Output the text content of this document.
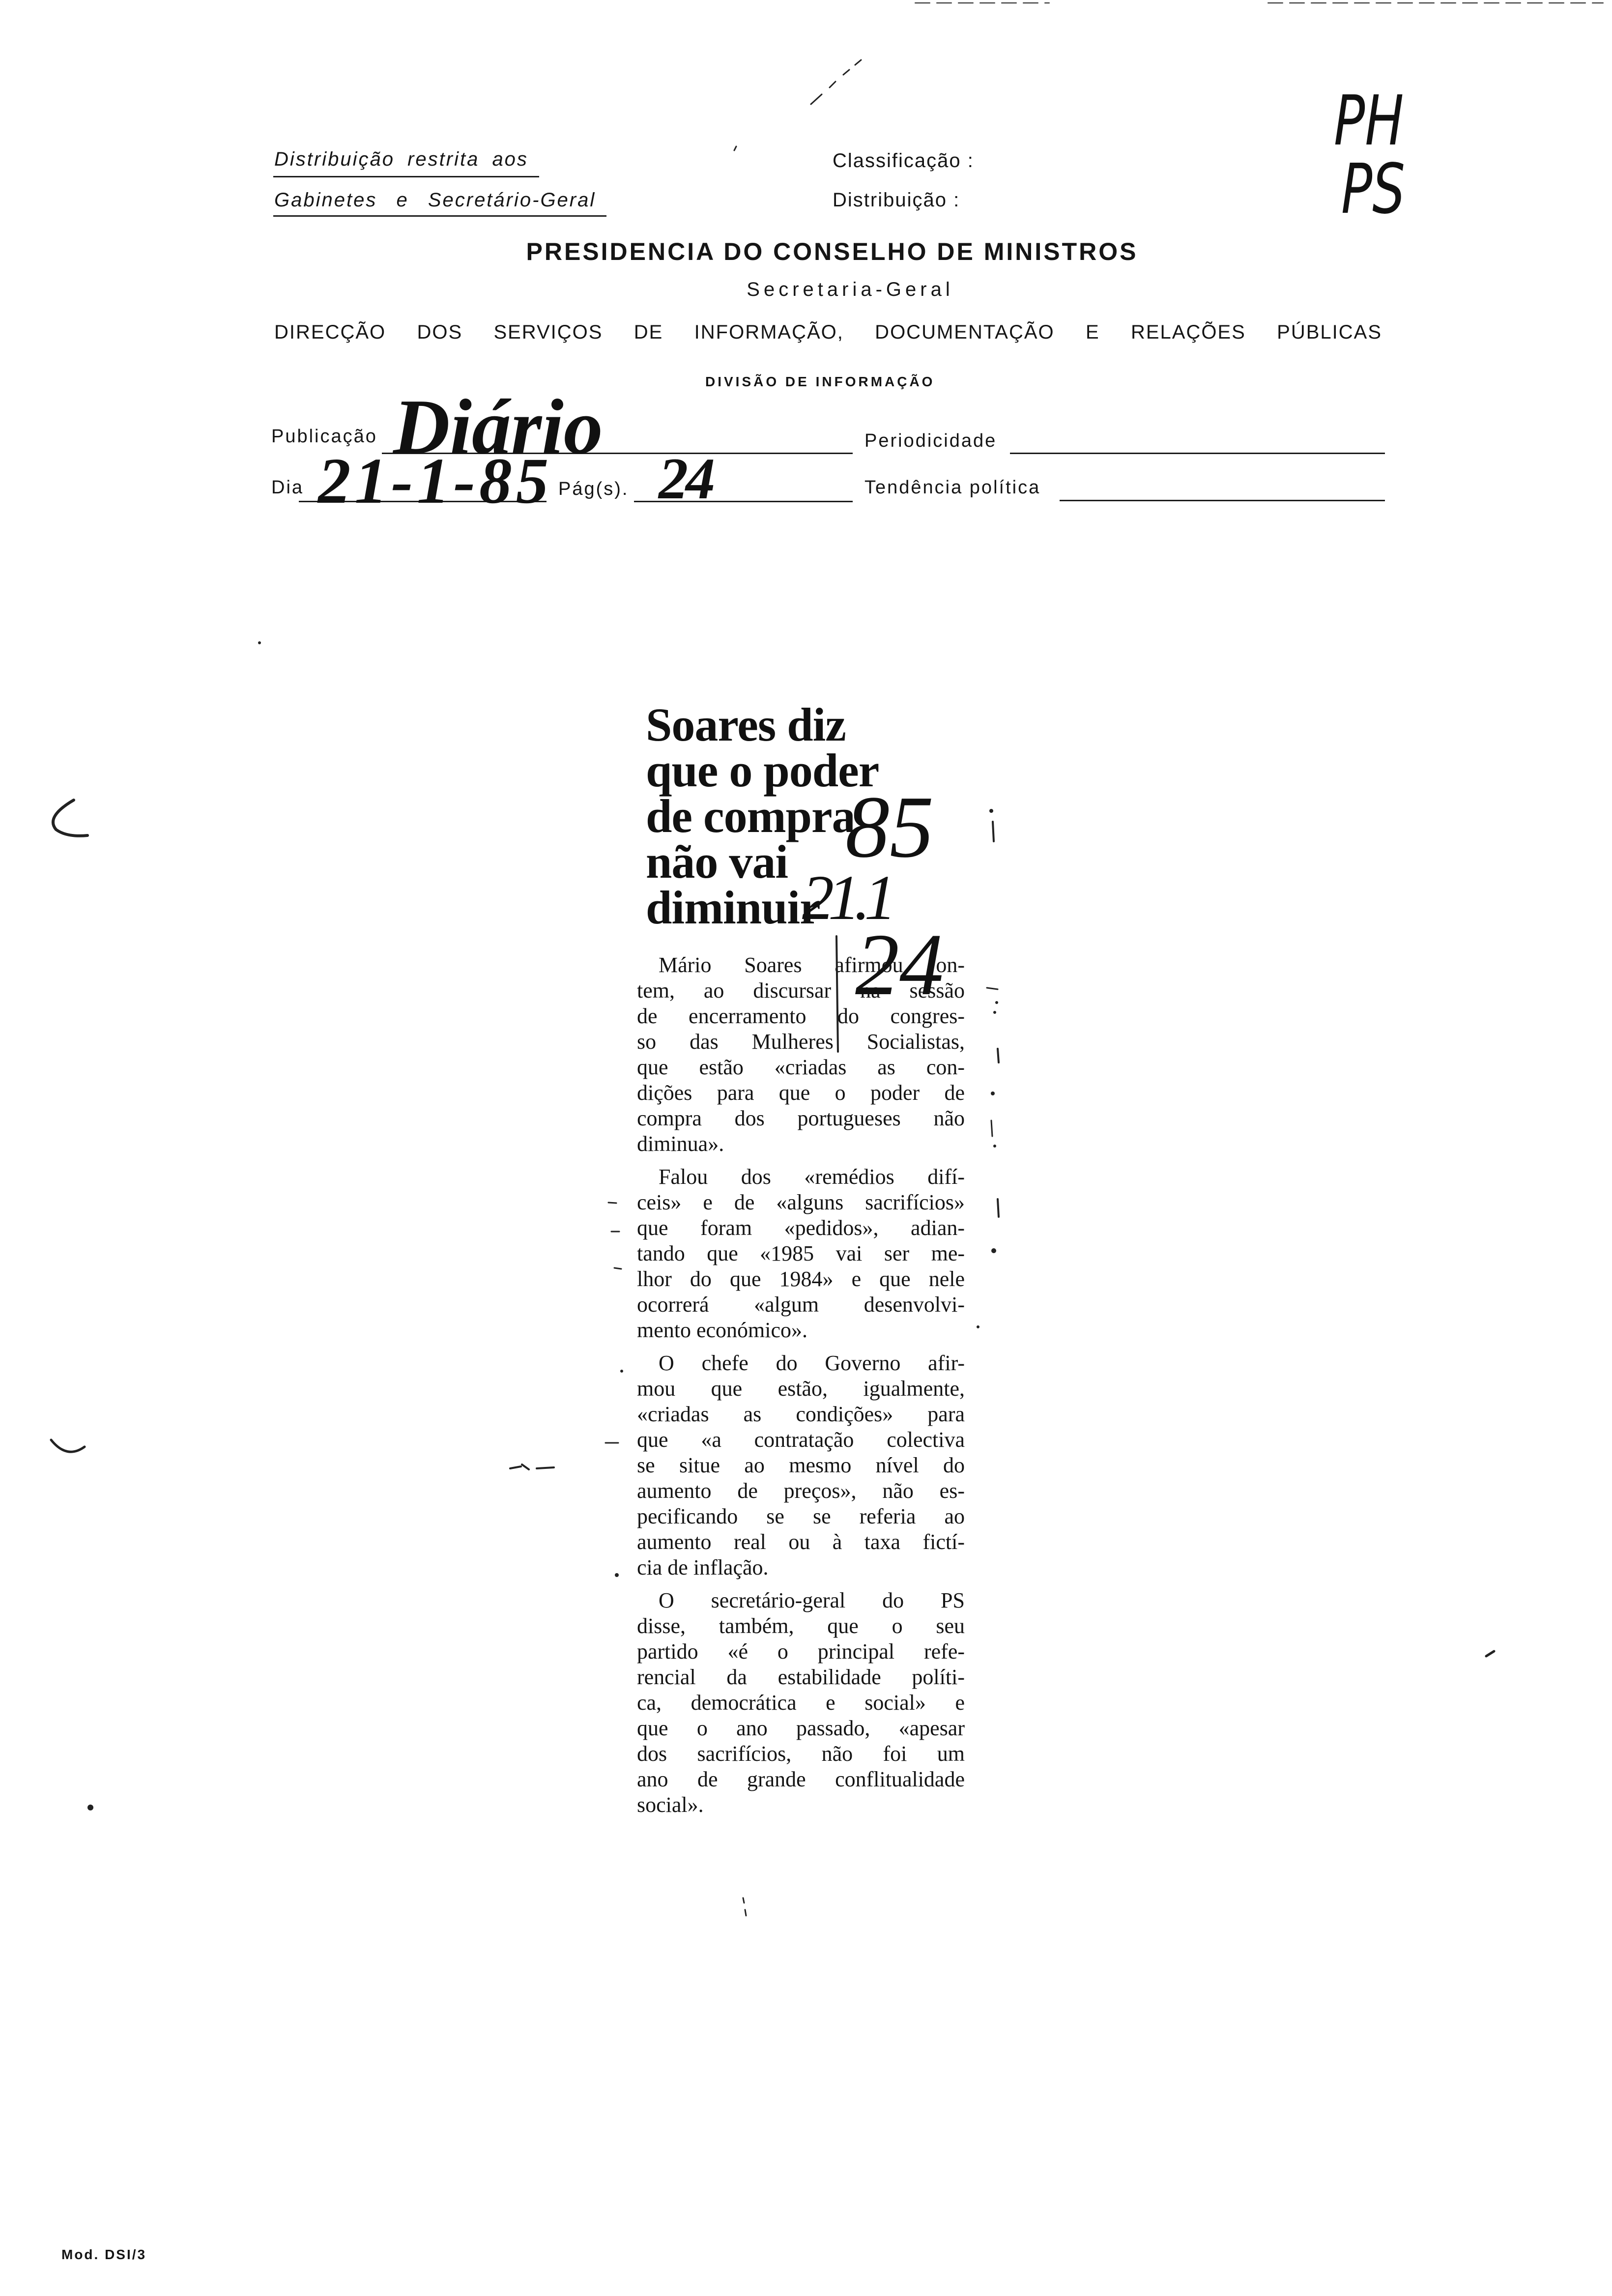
Distribuição restrita aos
Gabinetes e Secretário-Geral
Classificação :
Distribuição :
PH
PS
PRESIDENCIA DO CONSELHO DE MINISTROS
Secretaria-Geral
DIRECÇÃO DOS SERVIÇOS DE INFORMAÇÃO, DOCUMENTAÇÃO E RELAÇÕES PÚBLICAS
DIVISÃO DE INFORMAÇÃO
Publicação Diário	Periodicidade
Dia 21-1-85 Pág(s). 24	Tendência política
Soares diz
que o poder
de compra
não vai
diminuir
Mário Soares afirmou on-
tem, ao discursar na sessão
de encerramento do congres-
so das Mulheres Socialistas,
que estão «criadas as con-
dições para que o poder de
compra dos portugueses não
diminua».
Falou dos «remédios difí-
ceis» e de «alguns sacrifícios»
que foram «pedidos», adian-
tando que «1985 vai ser me-
lhor do que 1984» e que nele
ocorrerá «algum desenvolvi-
mento económico».
O chefe do Governo afir-
mou que estão, igualmente,
«criadas as condições» para
que «a contratação colectiva
se situe ao mesmo nível do
aumento de preços», não es-
pecificando se se referia ao
aumento real ou à taxa fictí-
cia de inflação.
O secretário-geral do PS
disse, também, que o seu
partido «é o principal refe-
rencial da estabilidade políti-
ca, democrática e social» e
que o ano passado, «apesar
dos sacrifícios, não foi um
ano de grande conflitualidade
social».
85
21.1
24
Mod. DSI/3
